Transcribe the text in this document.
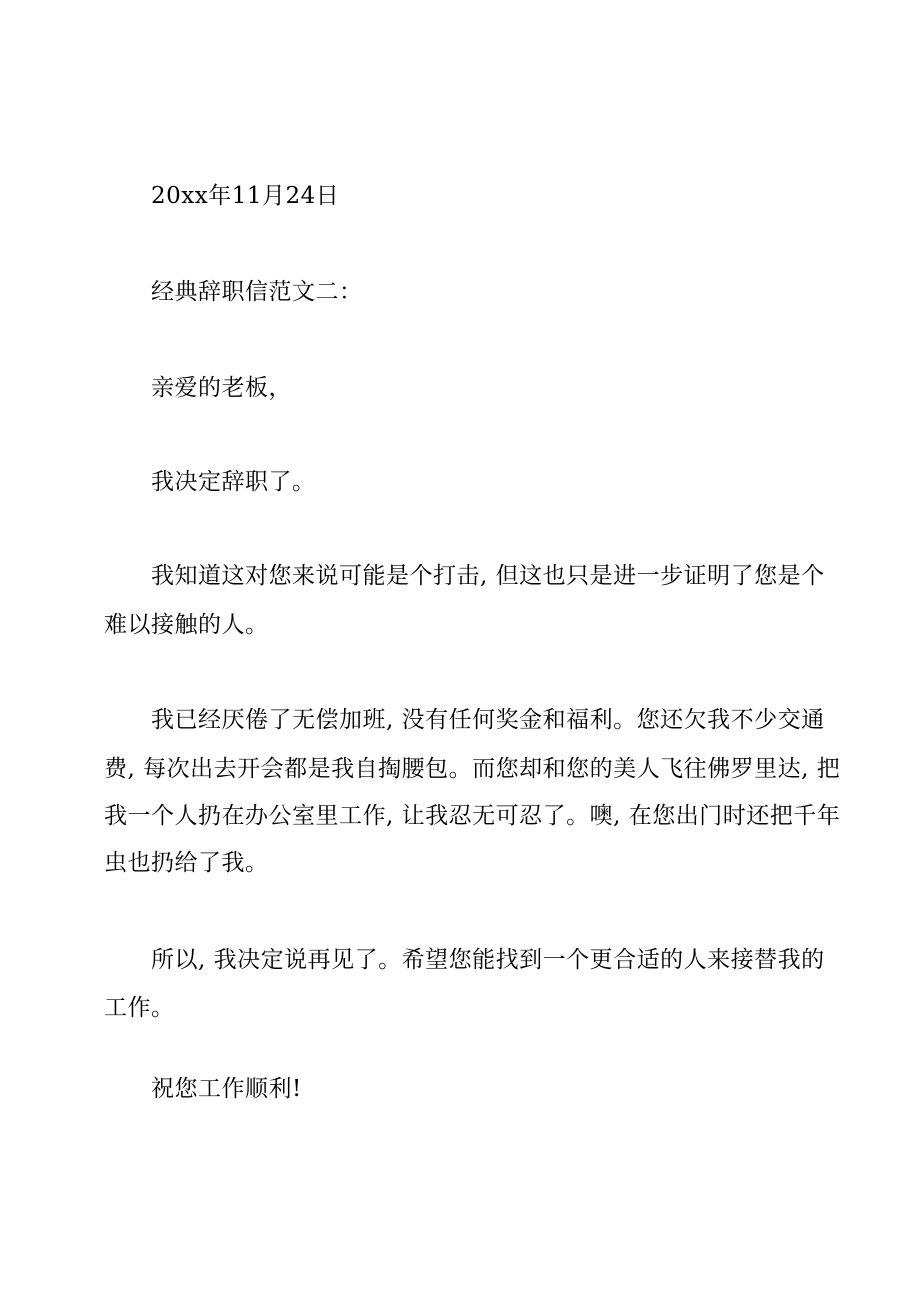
20xx年11月24日
经典辞职信范文二：
亲爱的老板，
我决定辞职了。
我知道这对您来说可能是个打击, 但这也只是进一步证明了您是个
难以接触的人。
我已经厌倦了无偿加班, 没有任何奖金和福利。您还欠我不少交通
费, 每次出去开会都是我自掏腰包。而您却和您的美人飞往佛罗里达, 把
我一个人扔在办公室里工作, 让我忍无可忍了。噢, 在您出门时还把千年
虫也扔给了我。
所以, 我决定说再见了。希望您能找到一个更合适的人来接替我的
工作。
祝您工作顺利!
